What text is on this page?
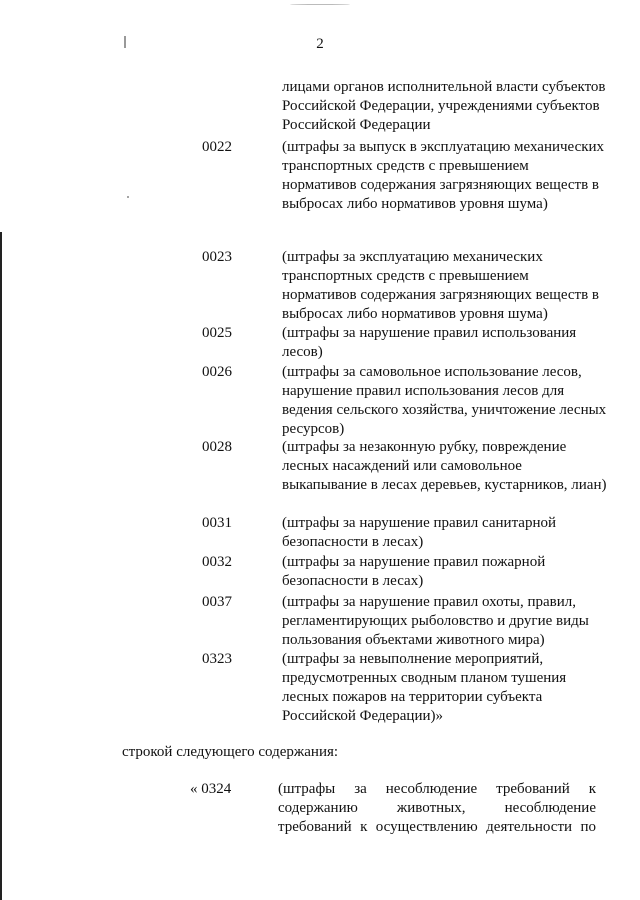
2
лицами органов исполнительной власти субъектов Российской Федерации, учреждениями субъектов Российской Федерации
0022	(штрафы за выпуск в эксплуатацию механических транспортных средств с превышением нормативов содержания загрязняющих веществ в выбросах либо нормативов уровня шума)
0023	(штрафы за эксплуатацию механических транспортных средств с превышением нормативов содержания загрязняющих веществ в выбросах либо нормативов уровня шума)
0025	(штрафы за нарушение правил использования лесов)
0026	(штрафы за самовольное использование лесов, нарушение правил использования лесов для ведения сельского хозяйства, уничтожение лесных ресурсов)
0028	(штрафы за незаконную рубку, повреждение лесных насаждений или самовольное выкапывание в лесах деревьев, кустарников, лиан)
0031	(штрафы за нарушение правил санитарной безопасности в лесах)
0032	(штрафы за нарушение правил пожарной безопасности в лесах)
0037	(штрафы за нарушение правил охоты, правил, регламентирующих рыболовство и другие виды пользования объектами животного мира)
0323	(штрафы за невыполнение мероприятий, предусмотренных сводным планом тушения лесных пожаров на территории субъекта Российской Федерации)»
строкой следующего содержания:
« 0324	(штрафы за несоблюдение требований к содержанию животных, несоблюдение требований к осуществлению деятельности по
